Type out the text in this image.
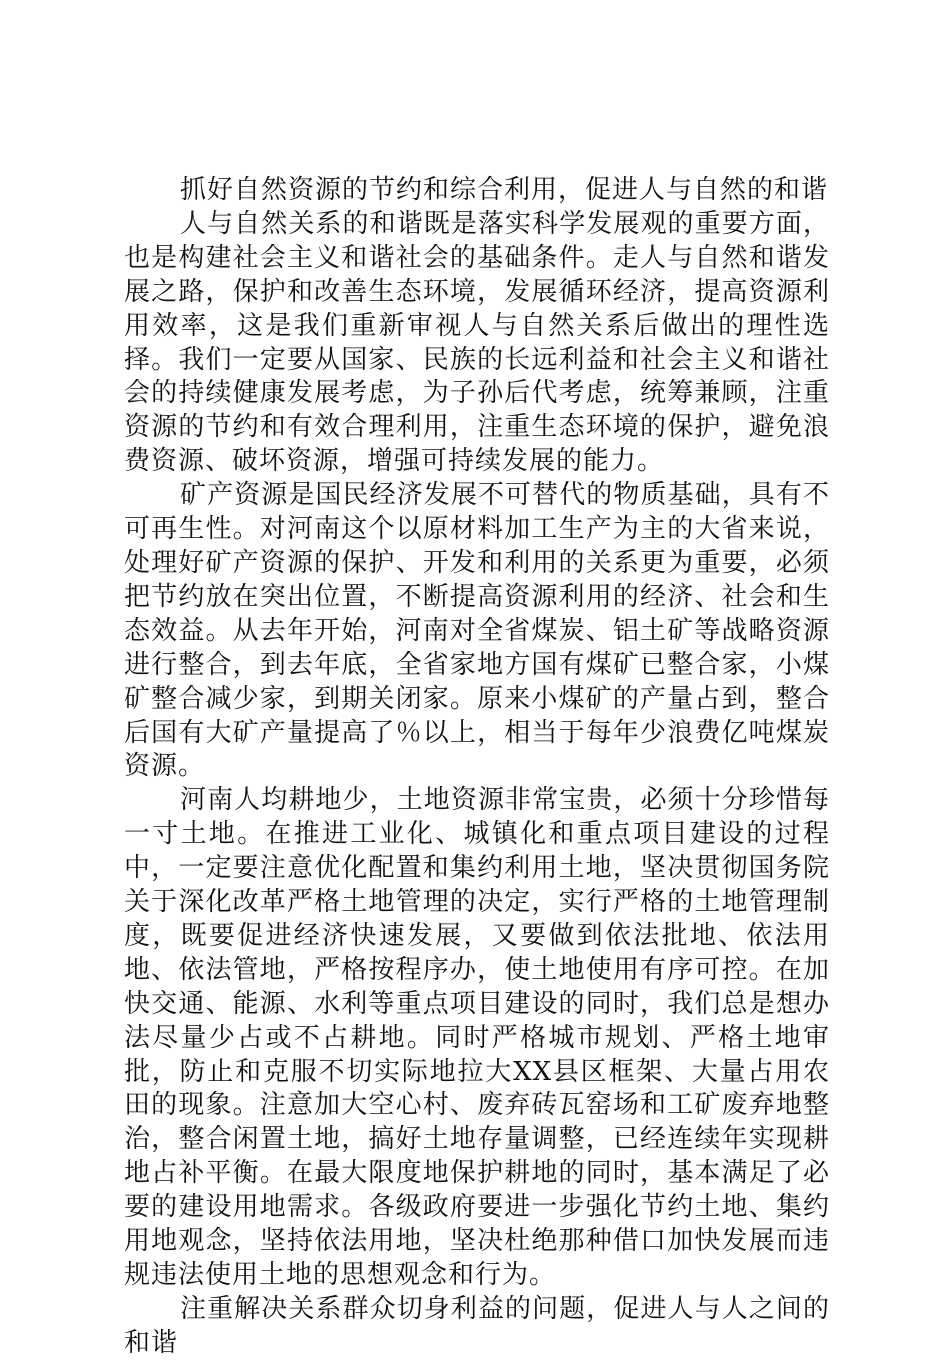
抓好自然资源的节约和综合利用，促进人与自然的和谐

人与自然关系的和谐既是落实科学发展观的重要方面，也是构建社会主义和谐社会的基础条件。走人与自然和谐发展之路，保护和改善生态环境，发展循环经济，提高资源利用效率，这是我们重新审视人与自然关系后做出的理性选择。我们一定要从国家、民族的长远利益和社会主义和谐社会的持续健康发展考虑，为子孙后代考虑，统筹兼顾，注重资源的节约和有效合理利用，注重生态环境的保护，避免浪费资源、破坏资源，增强可持续发展的能力。

矿产资源是国民经济发展不可替代的物质基础，具有不可再生性。对河南这个以原材料加工生产为主的大省来说，处理好矿产资源的保护、开发和利用的关系更为重要，必须把节约放在突出位置，不断提高资源利用的经济、社会和生态效益。从去年开始，河南对全省煤炭、铝土矿等战略资源进行整合，到去年底，全省家地方国有煤矿已整合家，小煤矿整合减少家，到期关闭家。原来小煤矿的产量占到，整合后国有大矿产量提高了％以上，相当于每年少浪费亿吨煤炭资源。

河南人均耕地少，土地资源非常宝贵，必须十分珍惜每一寸土地。在推进工业化、城镇化和重点项目建设的过程中，一定要注意优化配置和集约利用土地，坚决贯彻国务院关于深化改革严格土地管理的决定，实行严格的土地管理制度，既要促进经济快速发展，又要做到依法批地、依法用地、依法管地，严格按程序办，使土地使用有序可控。在加快交通、能源、水利等重点项目建设的同时，我们总是想办法尽量少占或不占耕地。同时严格城市规划、严格土地审批，防止和克服不切实际地拉大XX县区框架、大量占用农田的现象。注意加大空心村、废弃砖瓦窑场和工矿废弃地整治，整合闲置土地，搞好土地存量调整，已经连续年实现耕地占补平衡。在最大限度地保护耕地的同时，基本满足了必要的建设用地需求。各级政府要进一步强化节约土地、集约用地观念，坚持依法用地，坚决杜绝那种借口加快发展而违规违法使用土地的思想观念和行为。

注重解决关系群众切身利益的问题，促进人与人之间的和谐
